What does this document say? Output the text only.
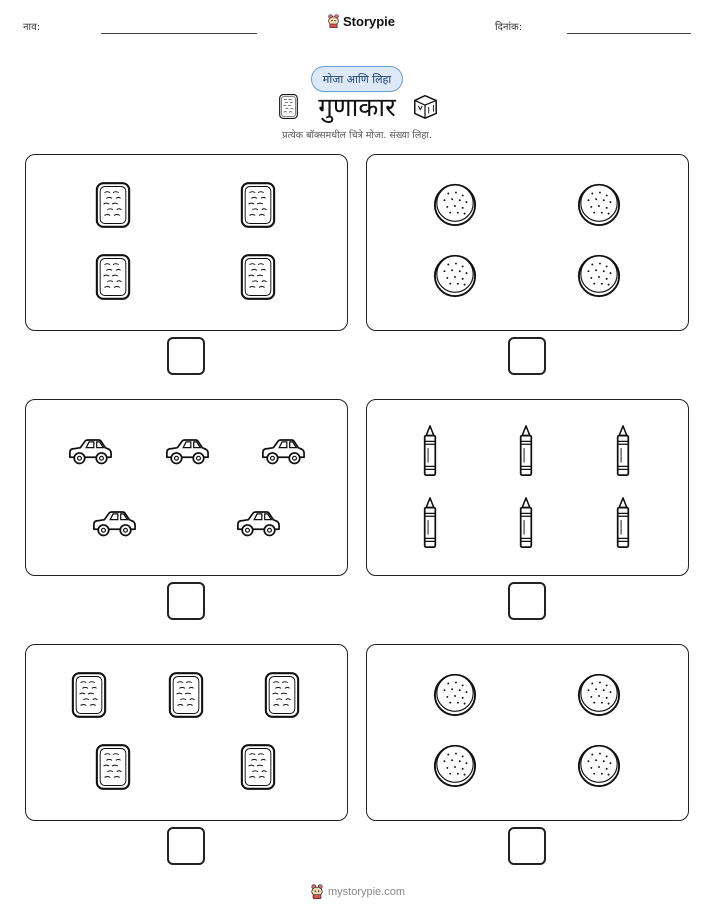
नाव:	Storypie	दिनांक:
मोजा आणि लिहा
गुणाकार
प्रत्येक बॉक्समधील चित्रे मोजा. संख्या लिहा.
mystorypie.com
